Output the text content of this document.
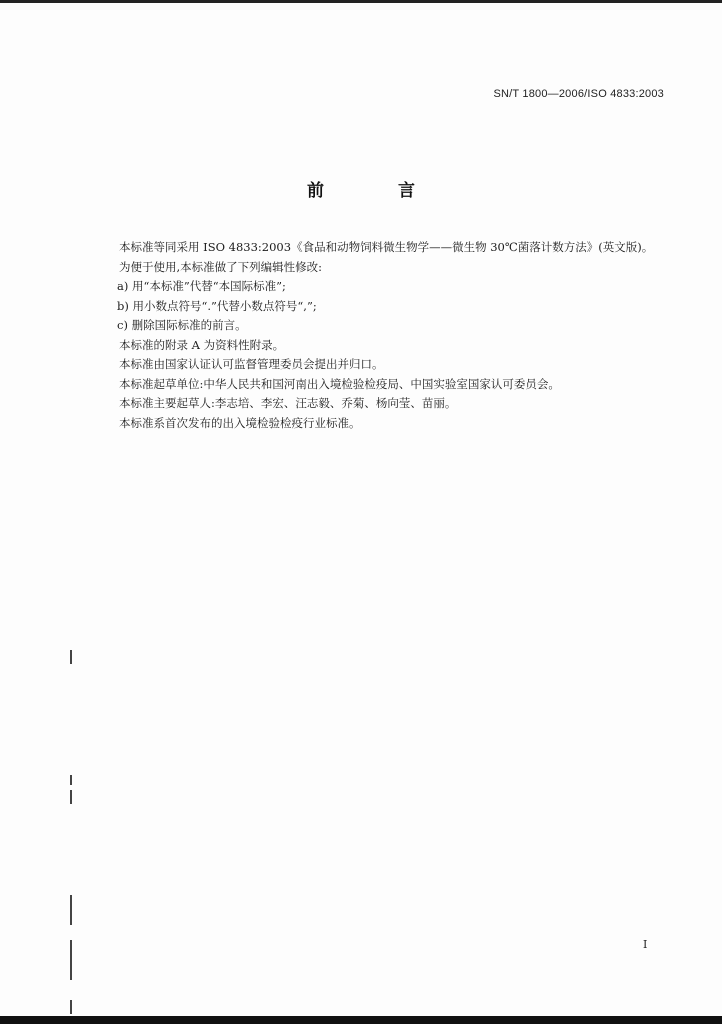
SN/T 1800—2006/ISO 4833:2003
前 言

本标准等同采用 ISO 4833:2003《食品和动物饲料微生物学——微生物 30℃菌落计数方法》(英文版)。

为便于使用,本标准做了下列编辑性修改:

a) 用“本标准”代替“本国际标准”;

b) 用小数点符号“.”代替小数点符号“,”;

c) 删除国际标准的前言。

本标准的附录 A 为资料性附录。

本标准由国家认证认可监督管理委员会提出并归口。

本标准起草单位:中华人民共和国河南出入境检验检疫局、中国实验室国家认可委员会。

本标准主要起草人:李志培、李宏、汪志毅、乔菊、杨向莹、苗丽。

本标准系首次发布的出入境检验检疫行业标准。

I
